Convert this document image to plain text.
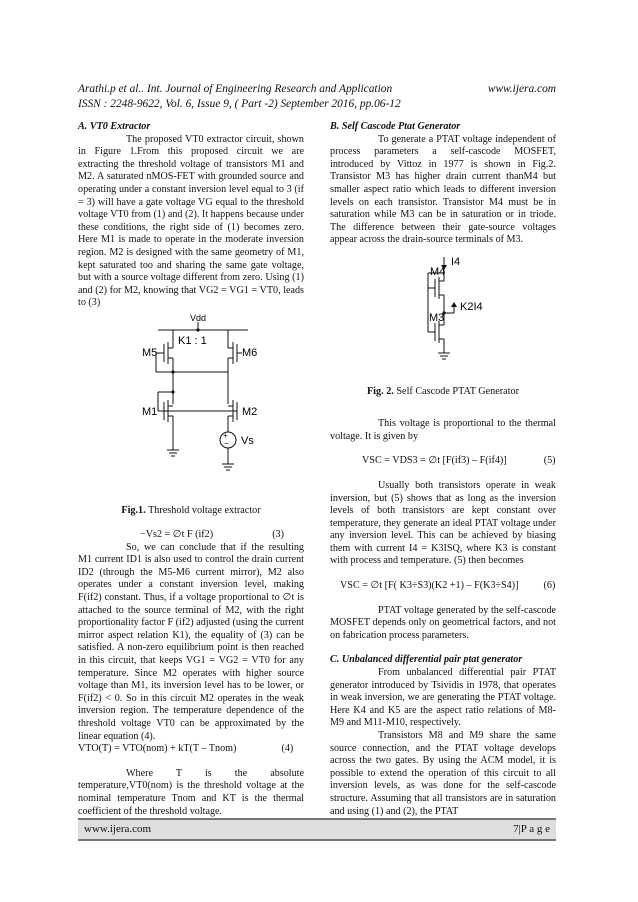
Arathi.p et al.. Int. Journal of Engineering Research and Application	www.ijera.com
ISSN : 2248-9622, Vol. 6, Issue 9, ( Part -2) September 2016, pp.06-12

A. VT0 Extractor

The proposed VT0 extractor circuit, shown in Figure 1.From this proposed circuit we are extracting the threshold voltage of transistors M1 and M2. A saturated nMOS-FET with grounded source and operating under a constant inversion level equal to 3 (if = 3) will have a gate voltage VG equal to the threshold voltage VT0 from (1) and (2). It happens because under these conditions, the right side of (1) becomes zero. Here M1 is made to operate in the moderate inversion region. M2 is designed with the same geometry of M1, kept saturated too and sharing the same gate voltage, but with a source voltage different from zero. Using (1) and (2) for M2, knowing that VG2 = VG1 = VT0, leads to (3)

Vdd
K1 : 1
M5	M6
M1	M2
Vs
+
−
Fig.1. Threshold voltage extractor

−Vs2 = ∅t F (if2)	(3)

So, we can conclude that if the resulting M1 current ID1 is also used to control the drain current ID2 (through the M5-M6 current mirror), M2 also operates under a constant inversion level, making F(if2) constant. Thus, if a voltage proportional to ∅t is attached to the source terminal of M2, with the right proportionality factor F (if2) adjusted (using the current mirror aspect relation K1), the equality of (3) can be satisfied. A non-zero equilibrium point is then reached in this circuit, that keeps VG1 = VG2 = VT0 for any temperature. Since M2 operates with higher source voltage than M1, its inversion level has to be lower, or F(if2) < 0. So in this circuit M2 operates in the weak inversion region. The temperature dependence of the threshold voltage VT0 can be approximated by the linear equation (4).

VTO(T) = VTO(nom) + kT(T – Tnom)	(4)

Where T is the absolute temperature,VT0(nom) is the threshold voltage at the nominal temperature Tnom and KT is the thermal coefficient of the threshold voltage.

B. Self Cascode Ptat Generator

To generate a PTAT voltage independent of process parameters a self-cascode MOSFET, introduced by Vittoz in 1977 is shown in Fig.2. Transistor M3 has higher drain current thanM4 but smaller aspect ratio which leads to different inversion levels on each transistor. Transistor M4 must be in saturation while M3 can be in saturation or in triode. The difference between their gate-source voltages appear across the drain-source terminals of M3.

I4
M4
K2I4
M3
Fig. 2. Self Cascode PTAT Generator

This voltage is proportional to the thermal voltage. It is given by

VSC = VDS3 = ∅t [F(if3) – F(if4)]	(5)

Usually both transistors operate in weak inversion, but (5) shows that as long as the inversion levels of both transistors are kept constant over temperature, they generate an ideal PTAT voltage under any inversion level. This can be achieved by biasing them with current I4 = K3ISQ, where K3 is constant with process and temperature. (5) then becomes

VSC = ∅t [F( K3÷S3)(K2 +1) – F(K3÷S4)] (6)

PTAT voltage generated by the self-cascode MOSFET depends only on geometrical factors, and not on fabrication process parameters.

C. Unbalanced differential pair ptat generator

From unbalanced differential pair PTAT generator introduced by Tsividis in 1978, that operates in weak inversion, we are generating the PTAT voltage. Here K4 and K5 are the aspect ratio relations of M8-M9 and M11-M10, respectively.

Transistors M8 and M9 share the same source connection, and the PTAT voltage develops across the two gates. By using the ACM model, it is possible to extend the operation of this circuit to all inversion levels, as was done for the self-cascode structure. Assuming that all transistors are in saturation and using (1) and (2), the PTAT

www.ijera.com	7|P a g e
